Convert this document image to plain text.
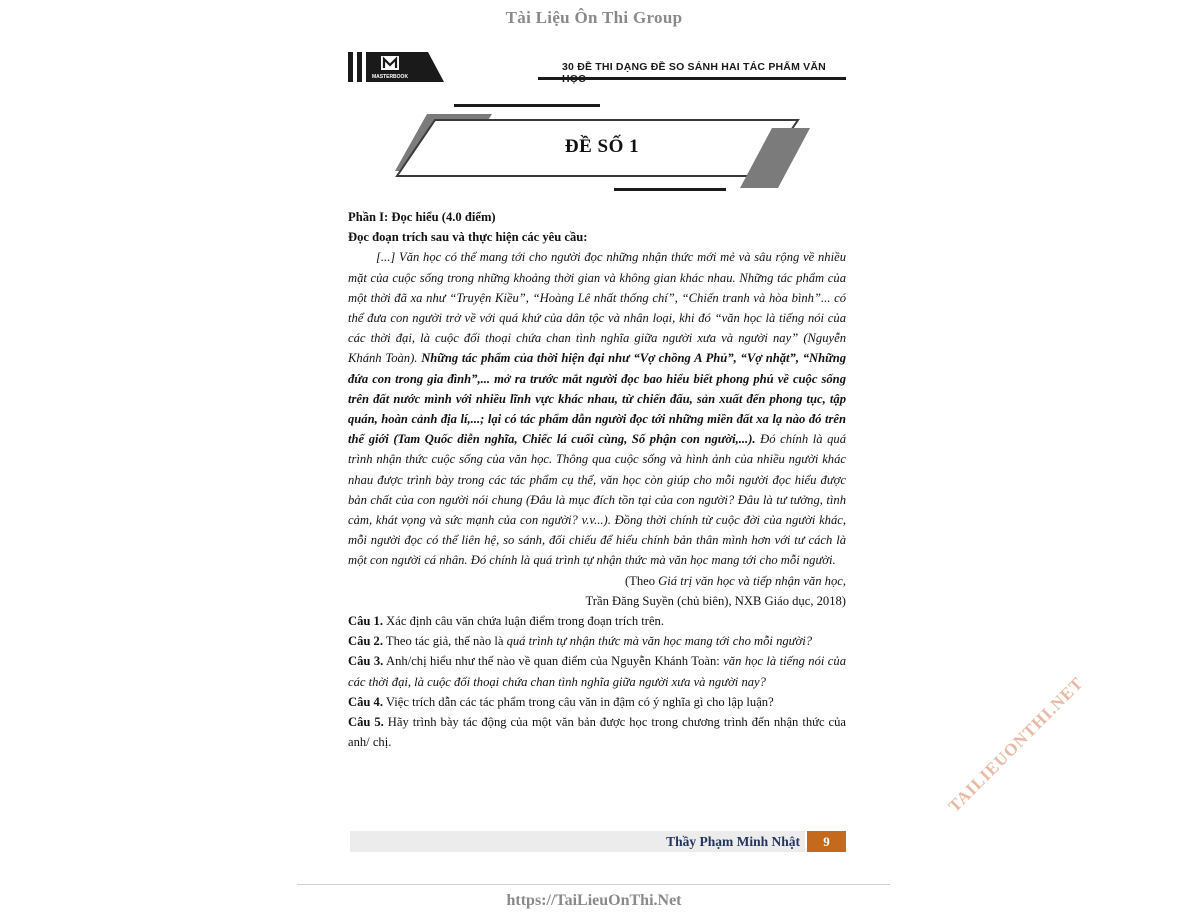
Tài Liệu Ôn Thi Group
MASTERBOOK
30 ĐỀ THI DẠNG ĐỀ SO SÁNH HAI TÁC PHẨM VĂN
ĐỀ SỐ 1

Phần I: Đọc hiểu (4.0 điểm)

Đọc đoạn trích sau và thực hiện các yêu cầu:

[...] Văn học có thể mang tới cho người đọc những nhận thức mới mẻ và sâu rộng về nhiều mặt của cuộc sống trong những khoảng thời gian và không gian khác nhau. Những tác phẩm của một thời đã xa như “Truyện Kiều”, “Hoàng Lê nhất thống chí”, “Chiến tranh và hòa bình”... có thể đưa con người trở về với quá khứ của dân tộc và nhân loại, khi đó “văn học là tiếng nói của các thời đại, là cuộc đối thoại chứa chan tình nghĩa giữa người xưa và người nay” (Nguyễn Khánh Toàn). Những tác phẩm của thời hiện đại như “Vợ chồng A Phủ”, “Vợ nhặt”, “Những đứa con trong gia đình”,... mở ra trước mắt người đọc bao hiểu biết phong phú về cuộc sống trên đất nước mình với nhiều lĩnh vực khác nhau, từ chiến đấu, sản xuất đến phong tục, tập quán, hoàn cảnh địa lí,...; lại có tác phẩm dẫn người đọc tới những miền đất xa lạ nào đó trên thế giới (Tam Quốc diễn nghĩa, Chiếc lá cuối cùng, Số phận con người,...). Đó chính là quá trình nhận thức cuộc sống của văn học. Thông qua cuộc sống và hình ảnh của nhiều người khác nhau được trình bày trong các tác phẩm cụ thể, văn học còn giúp cho mỗi người đọc hiểu được bản chất của con người nói chung (Đâu là mục đích tồn tại của con người? Đâu là tư tưởng, tình cảm, khát vọng và sức mạnh của con người? v.v...). Đồng thời chính từ cuộc đời của người khác, mỗi người đọc có thể liên hệ, so sánh, đối chiếu để hiểu chính bản thân mình hơn với tư cách là một con người cá nhân. Đó chính là quá trình tự nhận thức mà văn học mang tới cho mỗi người.

(Theo Giá trị văn học và tiếp nhận văn học,

Trần Đăng Suyền (chủ biên), NXB Giáo dục, 2018)

Câu 1. Xác định câu văn chứa luận điểm trong đoạn trích trên.

Câu 2. Theo tác giả, thế nào là quá trình tự nhận thức mà văn học mang tới cho mỗi người?

Câu 3. Anh/chị hiểu như thế nào về quan điểm của Nguyễn Khánh Toàn: văn học là tiếng nói của các thời đại, là cuộc đối thoại chứa chan tình nghĩa giữa người xưa và người nay?

Câu 4. Việc trích dẫn các tác phẩm trong câu văn in đậm có ý nghĩa gì cho lập luận?

Câu 5. Hãy trình bày tác động của một văn bản được học trong chương trình đến nhận thức của anh/ chị.

Thầy Phạm Minh Nhật	9
TAILIEUONTHI.NET
https://TaiLieuOnThi.Net
